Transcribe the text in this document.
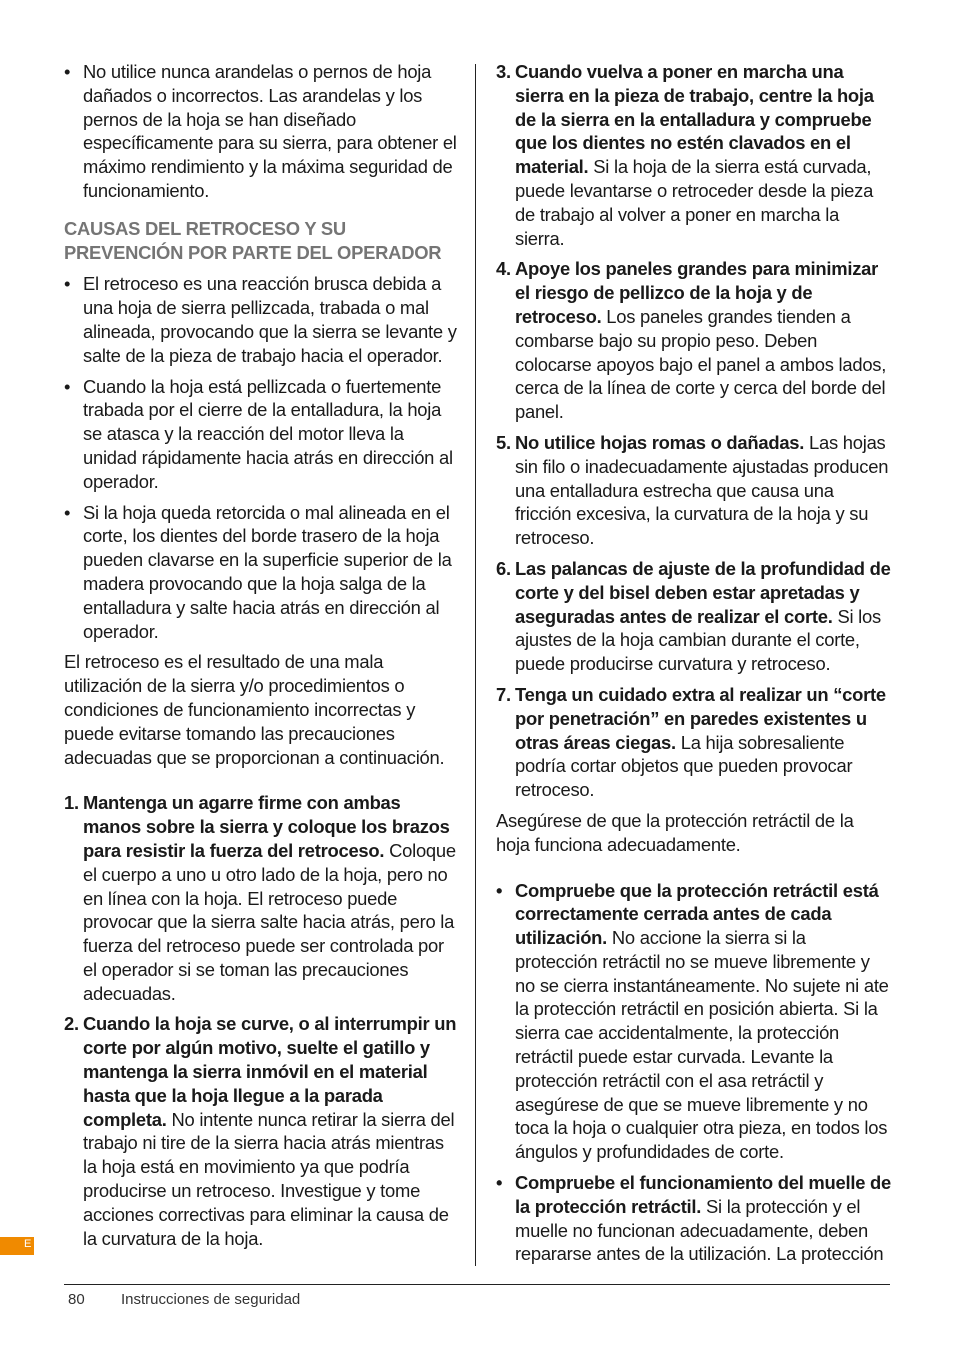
• No utilice nunca arandelas o pernos de hoja dañados o incorrectos. Las arandelas y los pernos de la hoja se han diseñado específicamente para su sierra, para obtener el máximo rendimiento y la máxima seguridad de funcionamiento.
CAUSAS DEL RETROCESO Y SU PREVENCIÓN POR PARTE DEL OPERADOR
• El retroceso es una reacción brusca debida a una hoja de sierra pellizcada, trabada o mal alineada, provocando que la sierra se levante y salte de la pieza de trabajo hacia el operador.
• Cuando la hoja está pellizcada o fuertemente trabada por el cierre de la entalladura, la hoja se atasca y la reacción del motor lleva la unidad rápidamente hacia atrás en dirección al operador.
• Si la hoja queda retorcida o mal alineada en el corte, los dientes del borde trasero de la hoja pueden clavarse en la superficie superior de la madera provocando que la hoja salga de la entalladura y salte hacia atrás en dirección al operador.
El retroceso es el resultado de una mala utilización de la sierra y/o procedimientos o condiciones de funcionamiento incorrectas y puede evitarse tomando las precauciones adecuadas que se proporcionan a continuación.
1. Mantenga un agarre firme con ambas manos sobre la sierra y coloque los brazos para resistir la fuerza del retroceso. Coloque el cuerpo a uno u otro lado de la hoja, pero no en línea con la hoja. El retroceso puede provocar que la sierra salte hacia atrás, pero la fuerza del retroceso puede ser controlada por el operador si se toman las precauciones adecuadas.
2. Cuando la hoja se curve, o al interrumpir un corte por algún motivo, suelte el gatillo y mantenga la sierra inmóvil en el material hasta que la hoja llegue a la parada completa. No intente nunca retirar la sierra del trabajo ni tire de la sierra hacia atrás mientras la hoja está en movimiento ya que podría producirse un retroceso. Investigue y tome acciones correctivas para eliminar la causa de la curvatura de la hoja.
3. Cuando vuelva a poner en marcha una sierra en la pieza de trabajo, centre la hoja de la sierra en la entalladura y compruebe que los dientes no estén clavados en el material. Si la hoja de la sierra está curvada, puede levantarse o retroceder desde la pieza de trabajo al volver a poner en marcha la sierra.
4. Apoye los paneles grandes para minimizar el riesgo de pellizco de la hoja y de retroceso. Los paneles grandes tienden a combarse bajo su propio peso. Deben colocarse apoyos bajo el panel a ambos lados, cerca de la línea de corte y cerca del borde del panel.
5. No utilice hojas romas o dañadas. Las hojas sin filo o inadecuadamente ajustadas producen una entalladura estrecha que causa una fricción excesiva, la curvatura de la hoja y su retroceso.
6. Las palancas de ajuste de la profundidad de corte y del bisel deben estar apretadas y aseguradas antes de realizar el corte. Si los ajustes de la hoja cambian durante el corte, puede producirse curvatura y retroceso.
7. Tenga un cuidado extra al realizar un “corte por penetración” en paredes existentes u otras áreas ciegas. La hija sobresaliente podría cortar objetos que pueden provocar retroceso.
Asegúrese de que la protección retráctil de la hoja funciona adecuadamente.
• Compruebe que la protección retráctil está correctamente cerrada antes de cada utilización. No accione la sierra si la protección retráctil no se mueve libremente y no se cierra instantáneamente. No sujete ni ate la protección retráctil en posición abierta. Si la sierra cae accidentalmente, la protección retráctil puede estar curvada. Levante la protección retráctil con el asa retráctil y asegúrese de que se mueve libremente y no toca la hoja o cualquier otra pieza, en todos los ángulos y profundidades de corte.
• Compruebe el funcionamiento del muelle de la protección retráctil. Si la protección y el muelle no funcionan adecuadamente, deben repararse antes de la utilización. La protección
E
80 Instrucciones de seguridad
